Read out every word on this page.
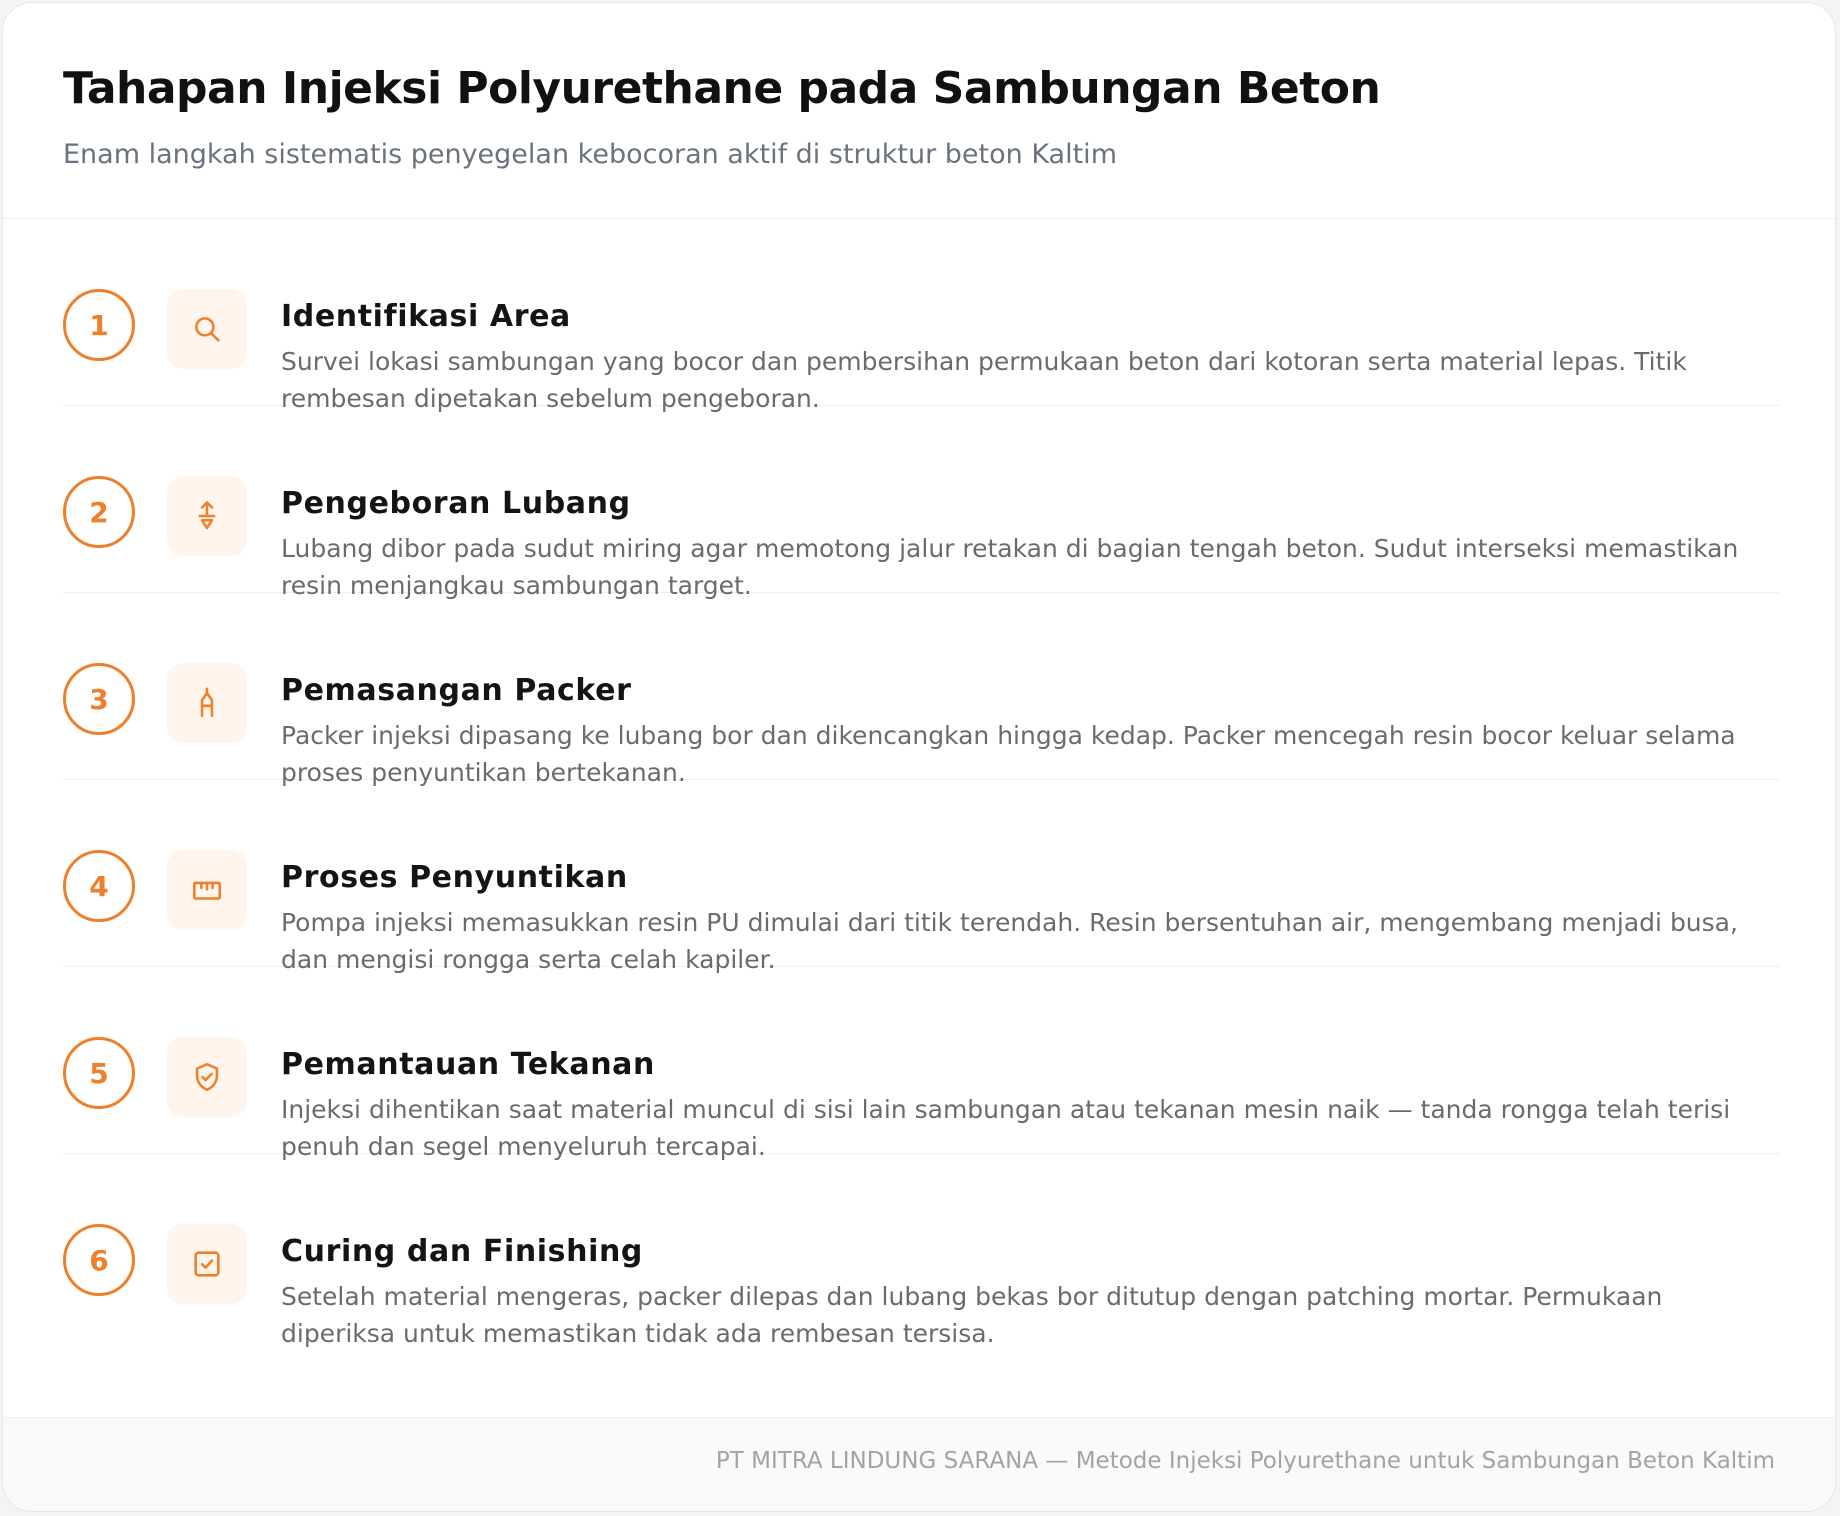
Tahapan Injeksi Polyurethane pada Sambungan Beton

Enam langkah sistematis penyegelan kebocoran aktif di struktur beton Kaltim

1	Identifikasi Area

Survei lokasi sambungan yang bocor dan pembersihan permukaan beton dari kotoran serta material lepas. Titik rembesan dipetakan sebelum pengeboran.

2	Pengeboran Lubang

Lubang dibor pada sudut miring agar memotong jalur retakan di bagian tengah beton. Sudut interseksi memastikan resin menjangkau sambungan target.

3	Pemasangan Packer

Packer injeksi dipasang ke lubang bor dan dikencangkan hingga kedap. Packer mencegah resin bocor keluar selama proses penyuntikan bertekanan.

4	Proses Penyuntikan

Pompa injeksi memasukkan resin PU dimulai dari titik terendah. Resin bersentuhan air, mengembang menjadi busa, dan mengisi rongga serta celah kapiler.

5	Pemantauan Tekanan

Injeksi dihentikan saat material muncul di sisi lain sambungan atau tekanan mesin naik — tanda rongga telah terisi penuh dan segel menyeluruh tercapai.

6	Curing dan Finishing

Setelah material mengeras, packer dilepas dan lubang bekas bor ditutup dengan patching mortar. Permukaan diperiksa untuk memastikan tidak ada rembesan tersisa.

PT MITRA LINDUNG SARANA — Metode Injeksi Polyurethane untuk Sambungan Beton Kaltim
